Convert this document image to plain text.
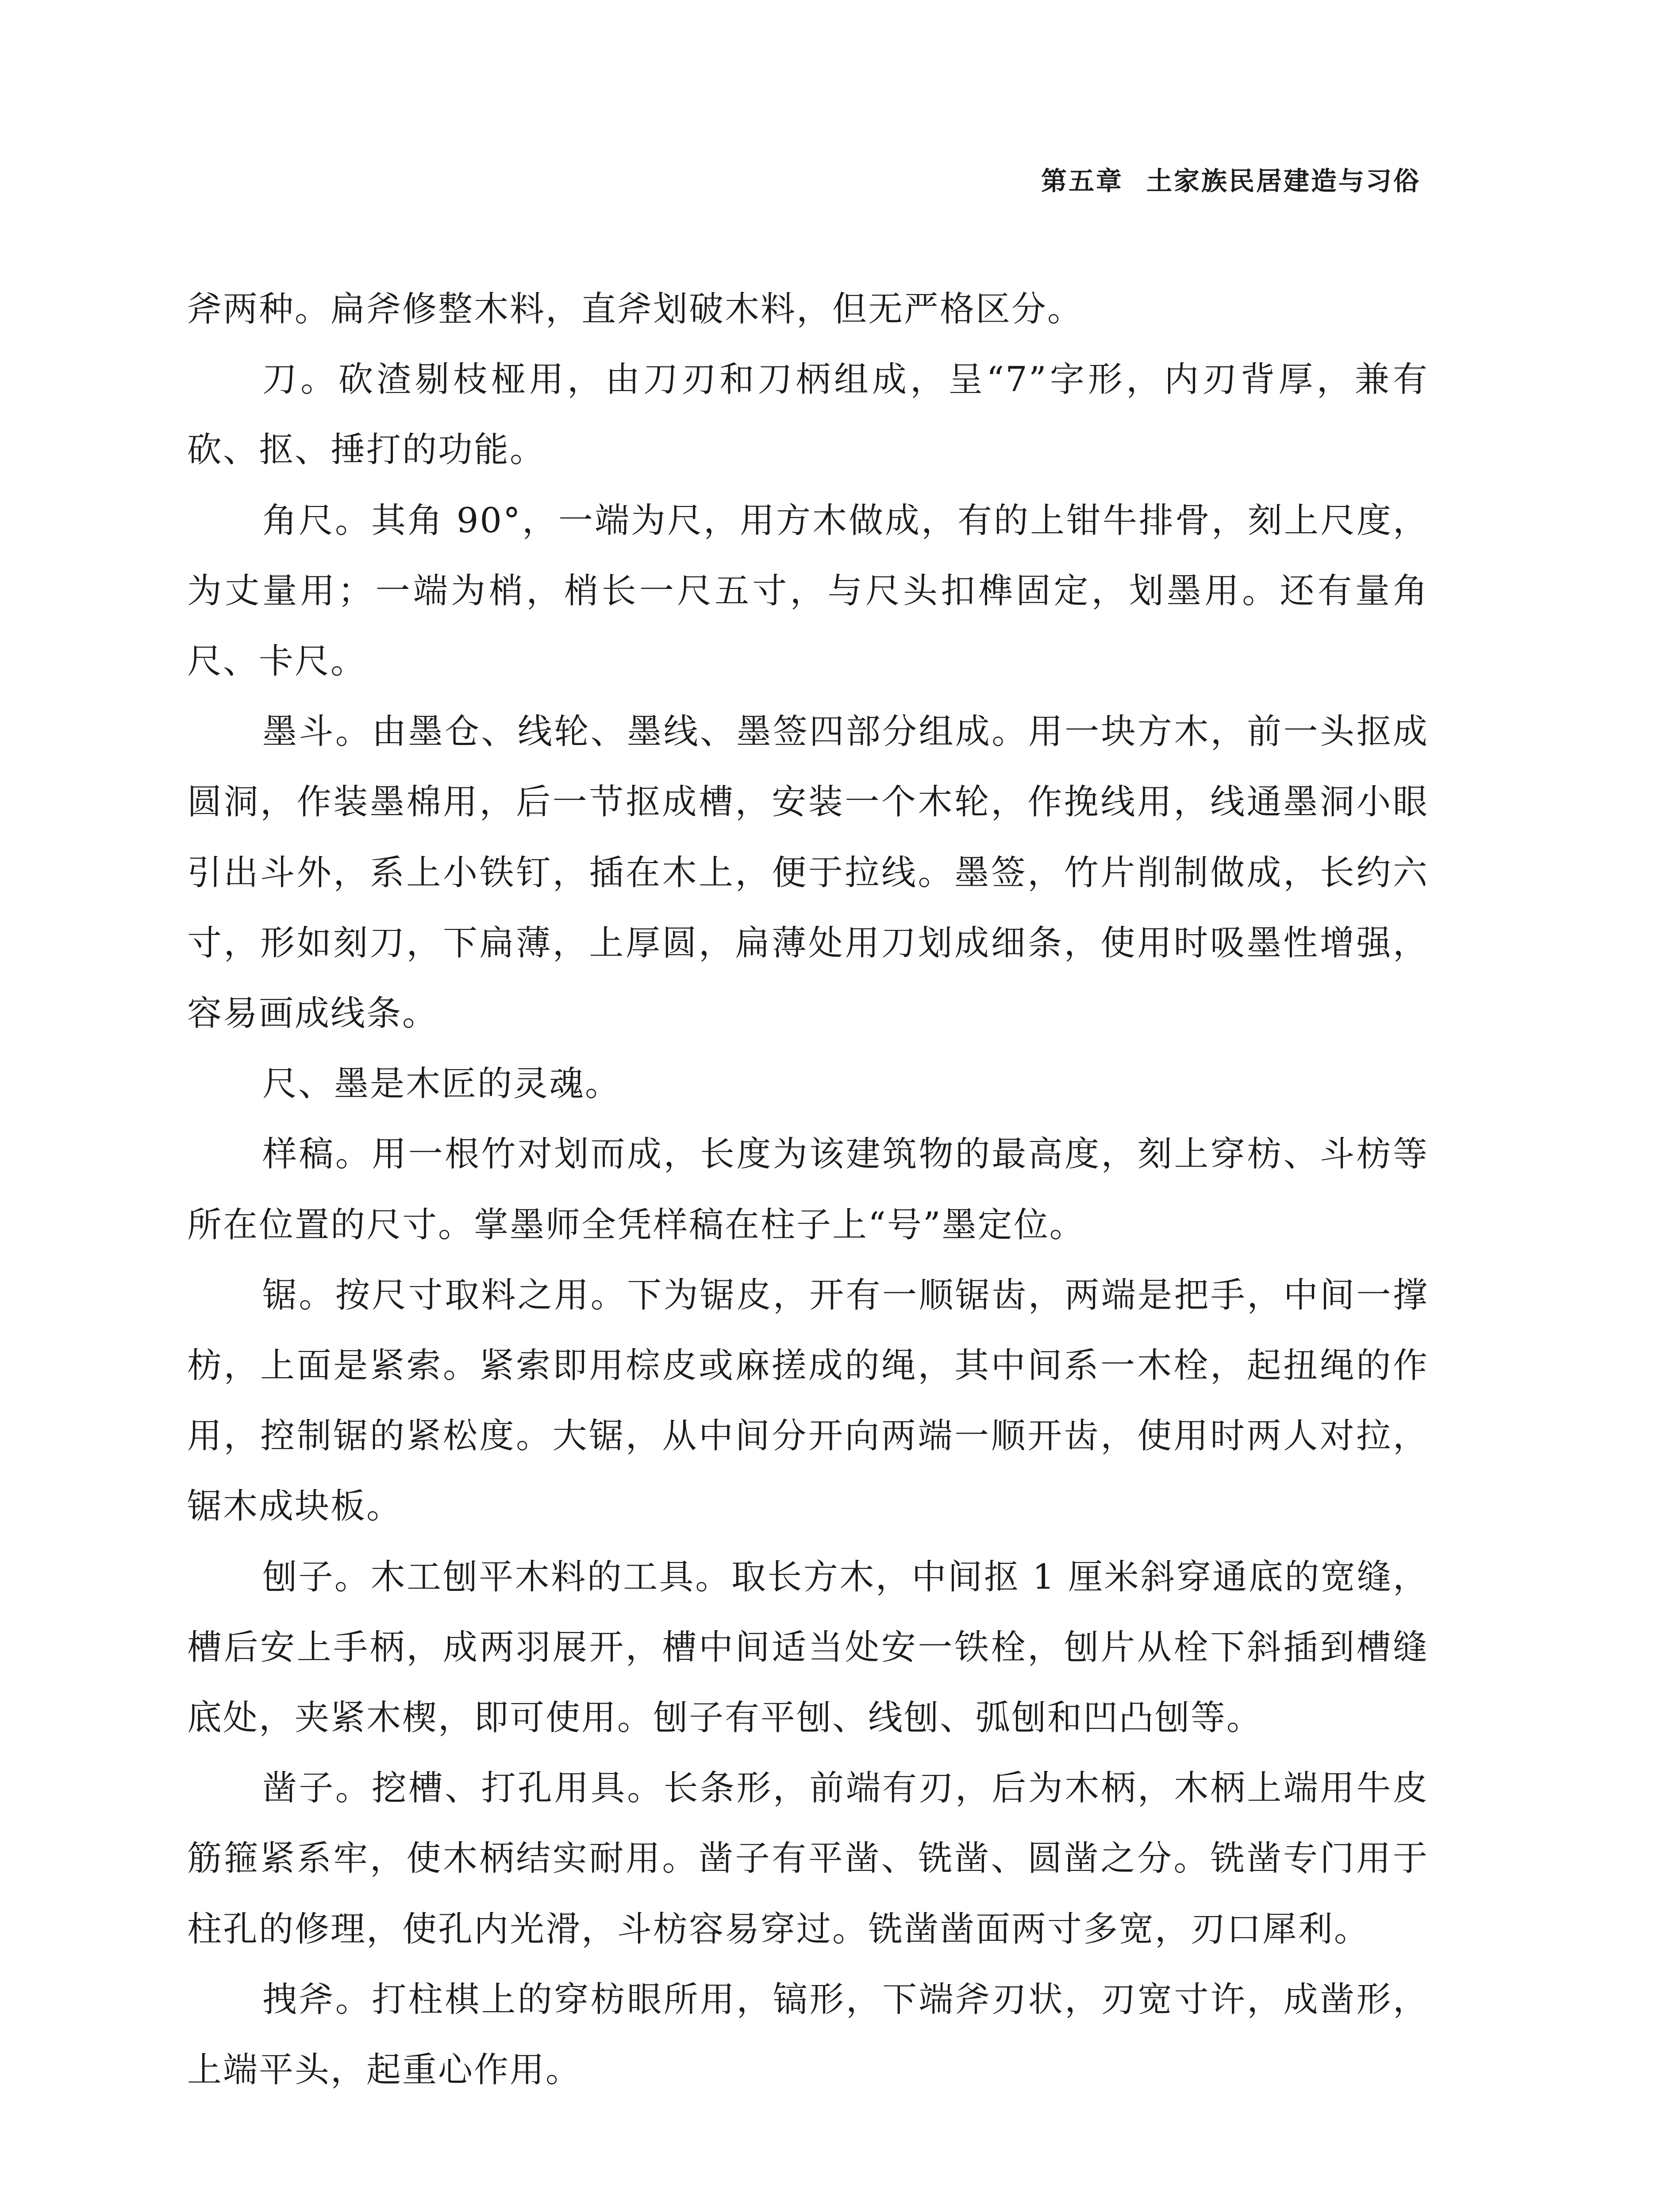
第五章 土家族民居建造与习俗

斧两种。扁斧修整木料，直斧划破木料，但无严格区分。

刀。砍渣剔枝桠用，由刀刃和刀柄组成，呈“7”字形，内刃背厚，兼有砍、抠、捶打的功能。

角尺。其角 90°，一端为尺，用方木做成，有的上钳牛排骨，刻上尺度，为丈量用；一端为梢，梢长一尺五寸，与尺头扣榫固定，划墨用。还有量角尺、卡尺。

墨斗。由墨仓、线轮、墨线、墨签四部分组成。用一块方木，前一头抠成圆洞，作装墨棉用，后一节抠成槽，安装一个木轮，作挽线用，线通墨洞小眼引出斗外，系上小铁钉，插在木上，便于拉线。墨签，竹片削制做成，长约六寸，形如刻刀，下扁薄，上厚圆，扁薄处用刀划成细条，使用时吸墨性增强，容易画成线条。

尺、墨是木匠的灵魂。

样稿。用一根竹对划而成，长度为该建筑物的最高度，刻上穿枋、斗枋等所在位置的尺寸。掌墨师全凭样稿在柱子上“号”墨定位。

锯。按尺寸取料之用。下为锯皮，开有一顺锯齿，两端是把手，中间一撑枋，上面是紧索。紧索即用棕皮或麻搓成的绳，其中间系一木栓，起扭绳的作用，控制锯的紧松度。大锯，从中间分开向两端一顺开齿，使用时两人对拉，锯木成块板。

刨子。木工刨平木料的工具。取长方木，中间抠 1 厘米斜穿通底的宽缝，槽后安上手柄，成两羽展开，槽中间适当处安一铁栓，刨片从栓下斜插到槽缝底处，夹紧木楔，即可使用。刨子有平刨、线刨、弧刨和凹凸刨等。

凿子。挖槽、打孔用具。长条形，前端有刃，后为木柄，木柄上端用牛皮筋箍紧系牢，使木柄结实耐用。凿子有平凿、铣凿、圆凿之分。铣凿专门用于柱孔的修理，使孔内光滑，斗枋容易穿过。铣凿凿面两寸多宽，刃口犀利。

拽斧。打柱棋上的穿枋眼所用，镐形，下端斧刃状，刃宽寸许，成凿形，上端平头，起重心作用。
